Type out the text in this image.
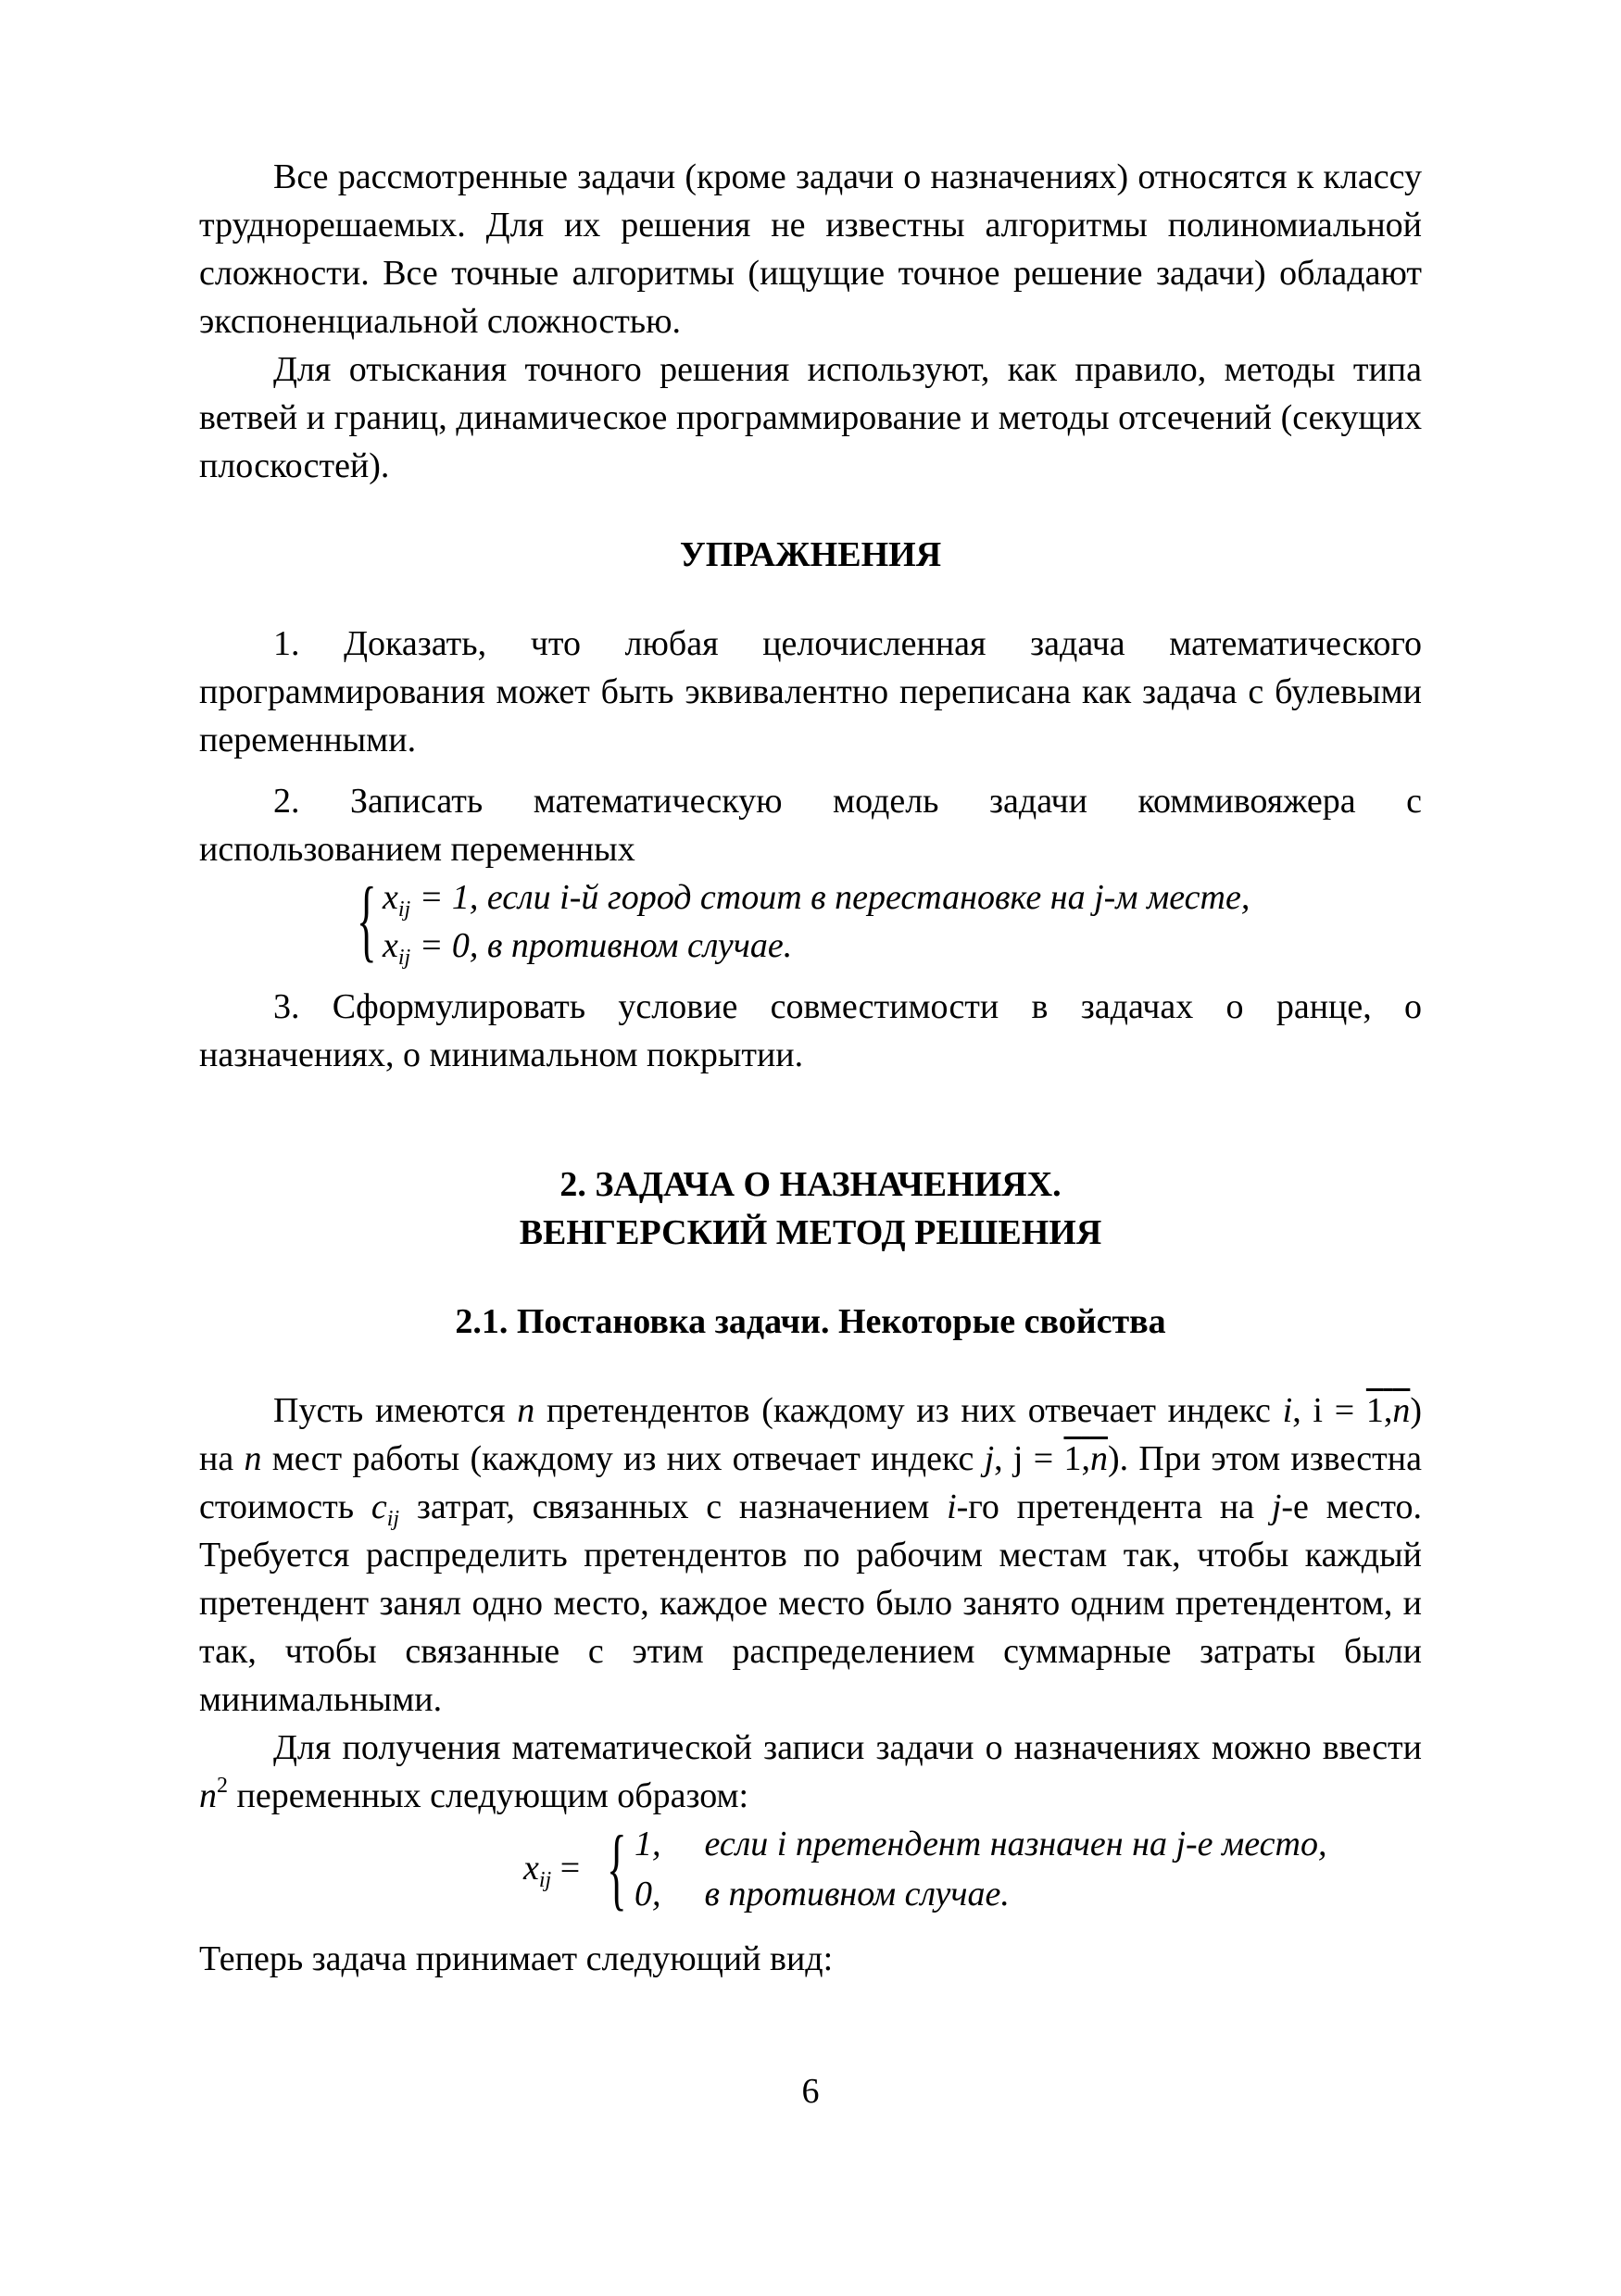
Все рассмотренные задачи (кроме задачи о назначениях) относятся к классу труднорешаемых. Для их решения не известны алгоритмы полиномиальной сложности. Все точные алгоритмы (ищущие точное решение задачи) обладают экспоненциальной сложностью.

Для отыскания точного решения используют, как правило, методы типа ветвей и границ, динамическое программирование и методы отсечений (секущих плоскостей).

УПРАЖНЕНИЯ

1. Доказать, что любая целочисленная задача математического программирования может быть эквивалентно переписана как задача с булевыми переменными.

2. Записать математическую модель задачи коммивояжера с использованием переменных

{ $x_{ij} = 1$, если i-й город стоит в перестановке на j-м месте,
$x_{ij} = 0$, в противном случае.

3. Сформулировать условие совместимости в задачах о ранце, о назначениях, о минимальном покрытии.

2. ЗАДАЧА О НАЗНАЧЕНИЯХ.

ВЕНГЕРСКИЙ МЕТОД РЕШЕНИЯ

2.1. Постановка задачи. Некоторые свойства

Пусть имеются n претендентов (каждому из них отвечает индекс i, i = 1,n) на n мест работы (каждому из них отвечает индекс j, j = 1,n). При этом известна стоимость $c_{ij}$ затрат, связанных с назначением i-го претендента на j-е место. Требуется распределить претендентов по рабочим местам так, чтобы каждый претендент занял одно место, каждое место было занято одним претендентом, и так, чтобы связанные с этим распределением суммарные затраты были минимальными.

Для получения математической записи задачи о назначениях можно ввести $n^2$ переменных следующим образом:

$x_{ij}$ = { 1, если i претендент назначен на j-е место,
0, в противном случае.

Теперь задача принимает следующий вид:

6
